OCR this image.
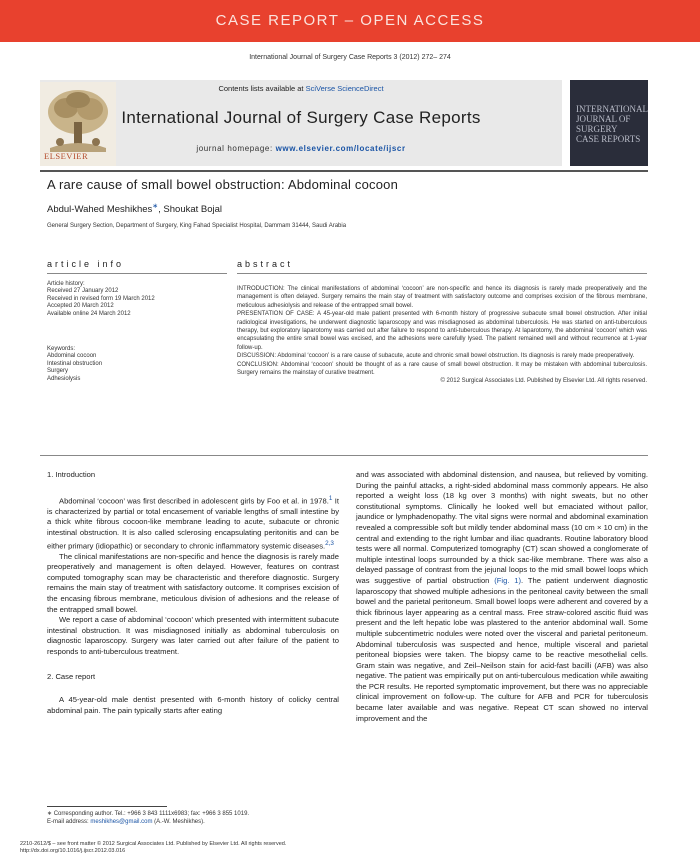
CASE REPORT – OPEN ACCESS
International Journal of Surgery Case Reports 3 (2012) 272– 274
Contents lists available at SciVerse ScienceDirect
International Journal of Surgery Case Reports
journal homepage: www.elsevier.com/locate/ijscr
ELSEVIER
INTERNATIONAL JOURNAL OF SURGERY CASE REPORTS
A rare cause of small bowel obstruction: Abdominal cocoon
Abdul-Wahed Meshikhes∗, Shoukat Bojal
General Surgery Section, Department of Surgery, King Fahad Specialist Hospital, Dammam 31444, Saudi Arabia
article info	abstract
Article history:
Received 27 January 2012
Received in revised form 19 March 2012
Accepted 20 March 2012
Available online 24 March 2012
Keywords:
Abdominal cocoon
Intestinal obstruction
Surgery
Adhesiolysis
INTRODUCTION: The clinical manifestations of abdominal ‘cocoon’ are non-specific and hence its diagnosis is rarely made preoperatively and the management is often delayed. Surgery remains the main stay of treatment with satisfactory outcome and comprises excision of the fibrous membrane, meticulous adhesiolysis and release of the entrapped small bowel.
PRESENTATION OF CASE: A 45-year-old male patient presented with 6-month history of progressive subacute small bowel obstruction. After initial radiological investigations, he underwent diagnostic laparoscopy and was misdiagnosed as abdominal tuberculosis. He was started on anti-tuberculous therapy, but exploratory laparotomy was carried out after failure to respond to anti-tuberculous therapy. At laparotomy, the abdominal ‘cocoon’ which was encapsulating the entire small bowel was excised, and the adhesions were carefully lysed. The patient remained well and without recurrence at 1-year follow-up.
DISCUSSION: Abdominal ‘cocoon’ is a rare cause of subacute, acute and chronic small bowel obstruction. Its diagnosis is rarely made preoperatively.
CONCLUSION: Abdominal ‘cocoon’ should be thought of as a rare cause of small bowel obstruction. It may be mistaken with abdominal tuberculosis. Surgery remains the mainstay of curative treatment.
© 2012 Surgical Associates Ltd. Published by Elsevier Ltd. All rights reserved.

1. Introduction

Abdominal ‘cocoon’ was first described in adolescent girls by Foo et al. in 1978.$^1$ It is characterized by partial or total encasement of variable lengths of small intestine by a thick white fibrous cocoon-like membrane leading to acute, subacute or chronic intestinal obstruction. It is also called sclerosing encapsulating peritonitis and can be either primary (idiopathic) or secondary to chronic inflammatory systemic diseases.$^{2,3}$

The clinical manifestations are non-specific and hence the diagnosis is rarely made preoperatively and management is often delayed. However, features on contrast computed tomography scan may be characteristic and therefore diagnostic. Surgery remains the main stay of treatment with satisfactory outcome. It comprises excision of the encasing fibrous membrane, meticulous division of adhesions and the release of the entrapped small bowel.

We report a case of abdominal ‘cocoon’ which presented with intermittent subacute intestinal obstruction. It was misdiagnosed initially as abdominal tuberculosis on diagnostic laparoscopy. Surgery was later carried out after failure of the patient to responds to anti-tuberculous treatment.

2. Case report

A 45-year-old male dentist presented with 6-month history of colicky central abdominal pain. The pain typically starts after eating

and was associated with abdominal distension, and nausea, but relieved by vomiting. During the painful attacks, a right-sided abdominal mass commonly appears. He also reported a weight loss (18 kg over 3 months) with night sweats, but no other constitutional symptoms. Clinically he looked well but emaciated without pallor, jaundice or lymphadenopathy. The vital signs were normal and abdominal examination revealed a compressible soft but mildly tender abdominal mass (10 cm × 10 cm) in the central and extending to the right lumbar and iliac quadrants. Routine laboratory blood tests were all normal. Computerized tomography (CT) scan showed a conglomerate of multiple intestinal loops surrounded by a thick sac-like membrane. There was also a delayed passage of contrast from the jejunal loops to the mid small bowel loops which was suggestive of partial obstruction (Fig. 1). The patient underwent diagnostic laparoscopy that showed multiple adhesions in the peritoneal cavity between the small bowel and the parietal peritoneum. Small bowel loops were adherent and covered by a thick fibrinous layer appearing as a central mass. Free straw-colored ascitic fluid was present and the left hepatic lobe was plastered to the anterior abdominal wall. Some multiple subcentimetric nodules were noted over the visceral and parietal peritoneum. Abdominal tuberculosis was suspected and hence, multiple visceral and parietal peritoneal biopsies were taken. The biopsy came to be reactive mesothelial cells. Gram stain was negative, and Zeil–Neilson stain for acid-fast bacilli (AFB) was also negative. The patient was empirically put on anti-tuberculous medication while awaiting the PCR results. He reported symptomatic improvement, but there was no appreciable clinical improvement on follow-up. The culture for AFB and PCR for tuberculosis became later available and was negative. Repeat CT scan showed no interval improvement and the

∗ Corresponding author. Tel.: +966 3 843 1111x6983; fax: +966 3 855 1019.
E-mail address: meshikhes@gmail.com (A.-W. Meshikhes).
2210-2612/$ – see front matter © 2012 Surgical Associates Ltd. Published by Elsevier Ltd. All rights reserved.
http://dx.doi.org/10.1016/j.ijscr.2012.03.016
